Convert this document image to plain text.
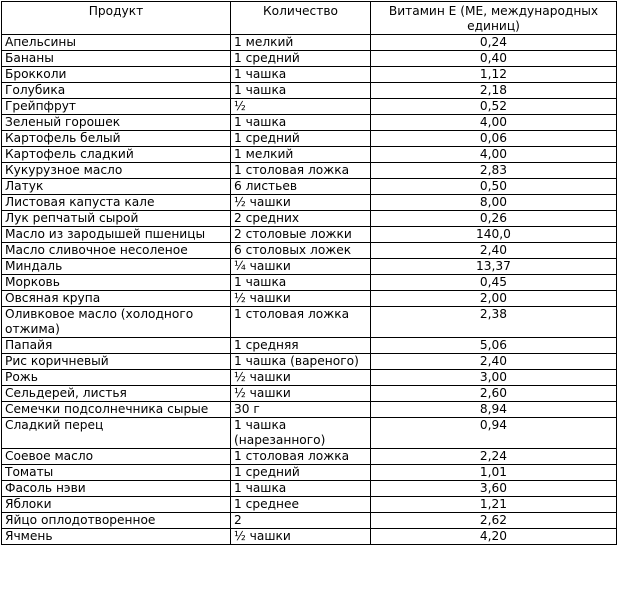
Продукт	Количество	Витамин Е (МЕ, международных единиц)
Апельсины	1 мелкий	0,24
Бананы	1 средний	0,40
Брокколи	1 чашка	1,12
Голубика	1 чашка	2,18
Грейпфрут	½	0,52
Зеленый горошек	1 чашка	4,00
Картофель белый	1 средний	0,06
Картофель сладкий	1 мелкий	4,00
Кукурузное масло	1 столовая ложка	2,83
Латук	6 листьев	0,50
Листовая капуста кале	½ чашки	8,00
Лук репчатый сырой	2 средних	0,26
Масло из зародышей пшеницы	2 столовые ложки	140,0
Масло сливочное несоленое	6 столовых ложек	2,40
Миндаль	¼ чашки	13,37
Морковь	1 чашка	0,45
Овсяная крупа	½ чашки	2,00
Оливковое масло (холодного отжима)	1 столовая ложка	2,38
Папайя	1 средняя	5,06
Рис коричневый	1 чашка (вареного)	2,40
Рожь	½ чашки	3,00
Сельдерей, листья	½ чашки	2,60
Семечки подсолнечника сырые	30 г	8,94
Сладкий перец	1 чашка (нарезанного)	0,94
Соевое масло	1 столовая ложка	2,24
Томаты	1 средний	1,01
Фасоль нэви	1 чашка	3,60
Яблоки	1 среднее	1,21
Яйцо оплодотворенное	2	2,62
Ячмень	½ чашки	4,20
